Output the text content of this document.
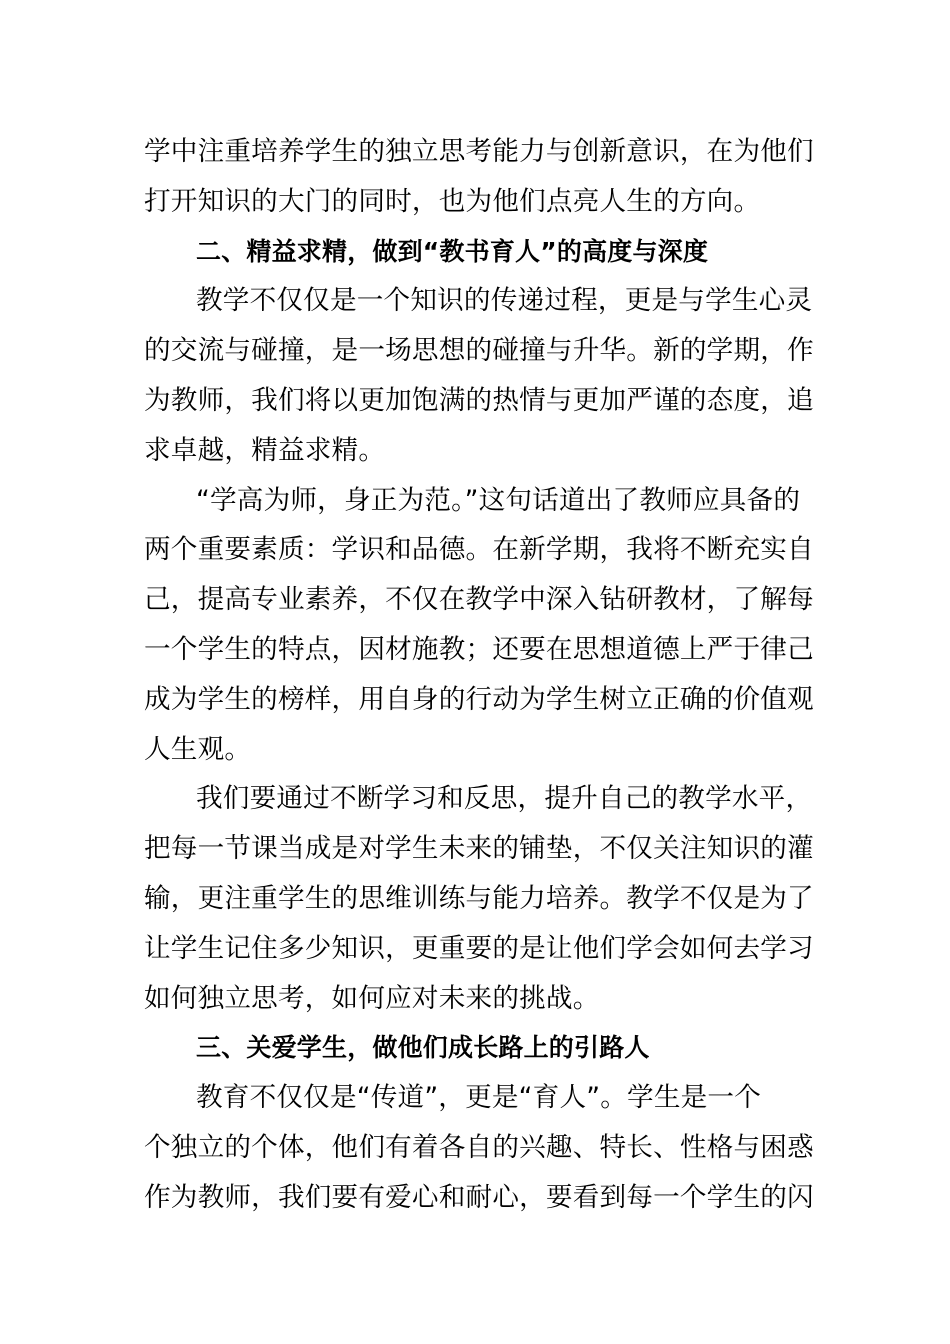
学中注重培养学生的独立思考能力与创新意识，在为他们
打开知识的大门的同时，也为他们点亮人生的方向。
二、精益求精，做到“教书育人”的高度与深度
教学不仅仅是一个知识的传递过程，更是与学生心灵
的交流与碰撞，是一场思想的碰撞与升华。新的学期，作
为教师，我们将以更加饱满的热情与更加严谨的态度，追
求卓越，精益求精。
“学高为师，身正为范。”这句话道出了教师应具备的
两个重要素质：学识和品德。在新学期，我将不断充实自
己，提高专业素养，不仅在教学中深入钻研教材，了解每
一个学生的特点，因材施教；还要在思想道德上严于律己
成为学生的榜样，用自身的行动为学生树立正确的价值观
人生观。
我们要通过不断学习和反思，提升自己的教学水平，
把每一节课当成是对学生未来的铺垫，不仅关注知识的灌
输，更注重学生的思维训练与能力培养。教学不仅是为了
让学生记住多少知识，更重要的是让他们学会如何去学习
如何独立思考，如何应对未来的挑战。
三、关爱学生，做他们成长路上的引路人
教育不仅仅是“传道”，更是“育人”。学生是一个
个独立的个体，他们有着各自的兴趣、特长、性格与困惑
作为教师，我们要有爱心和耐心，要看到每一个学生的闪
